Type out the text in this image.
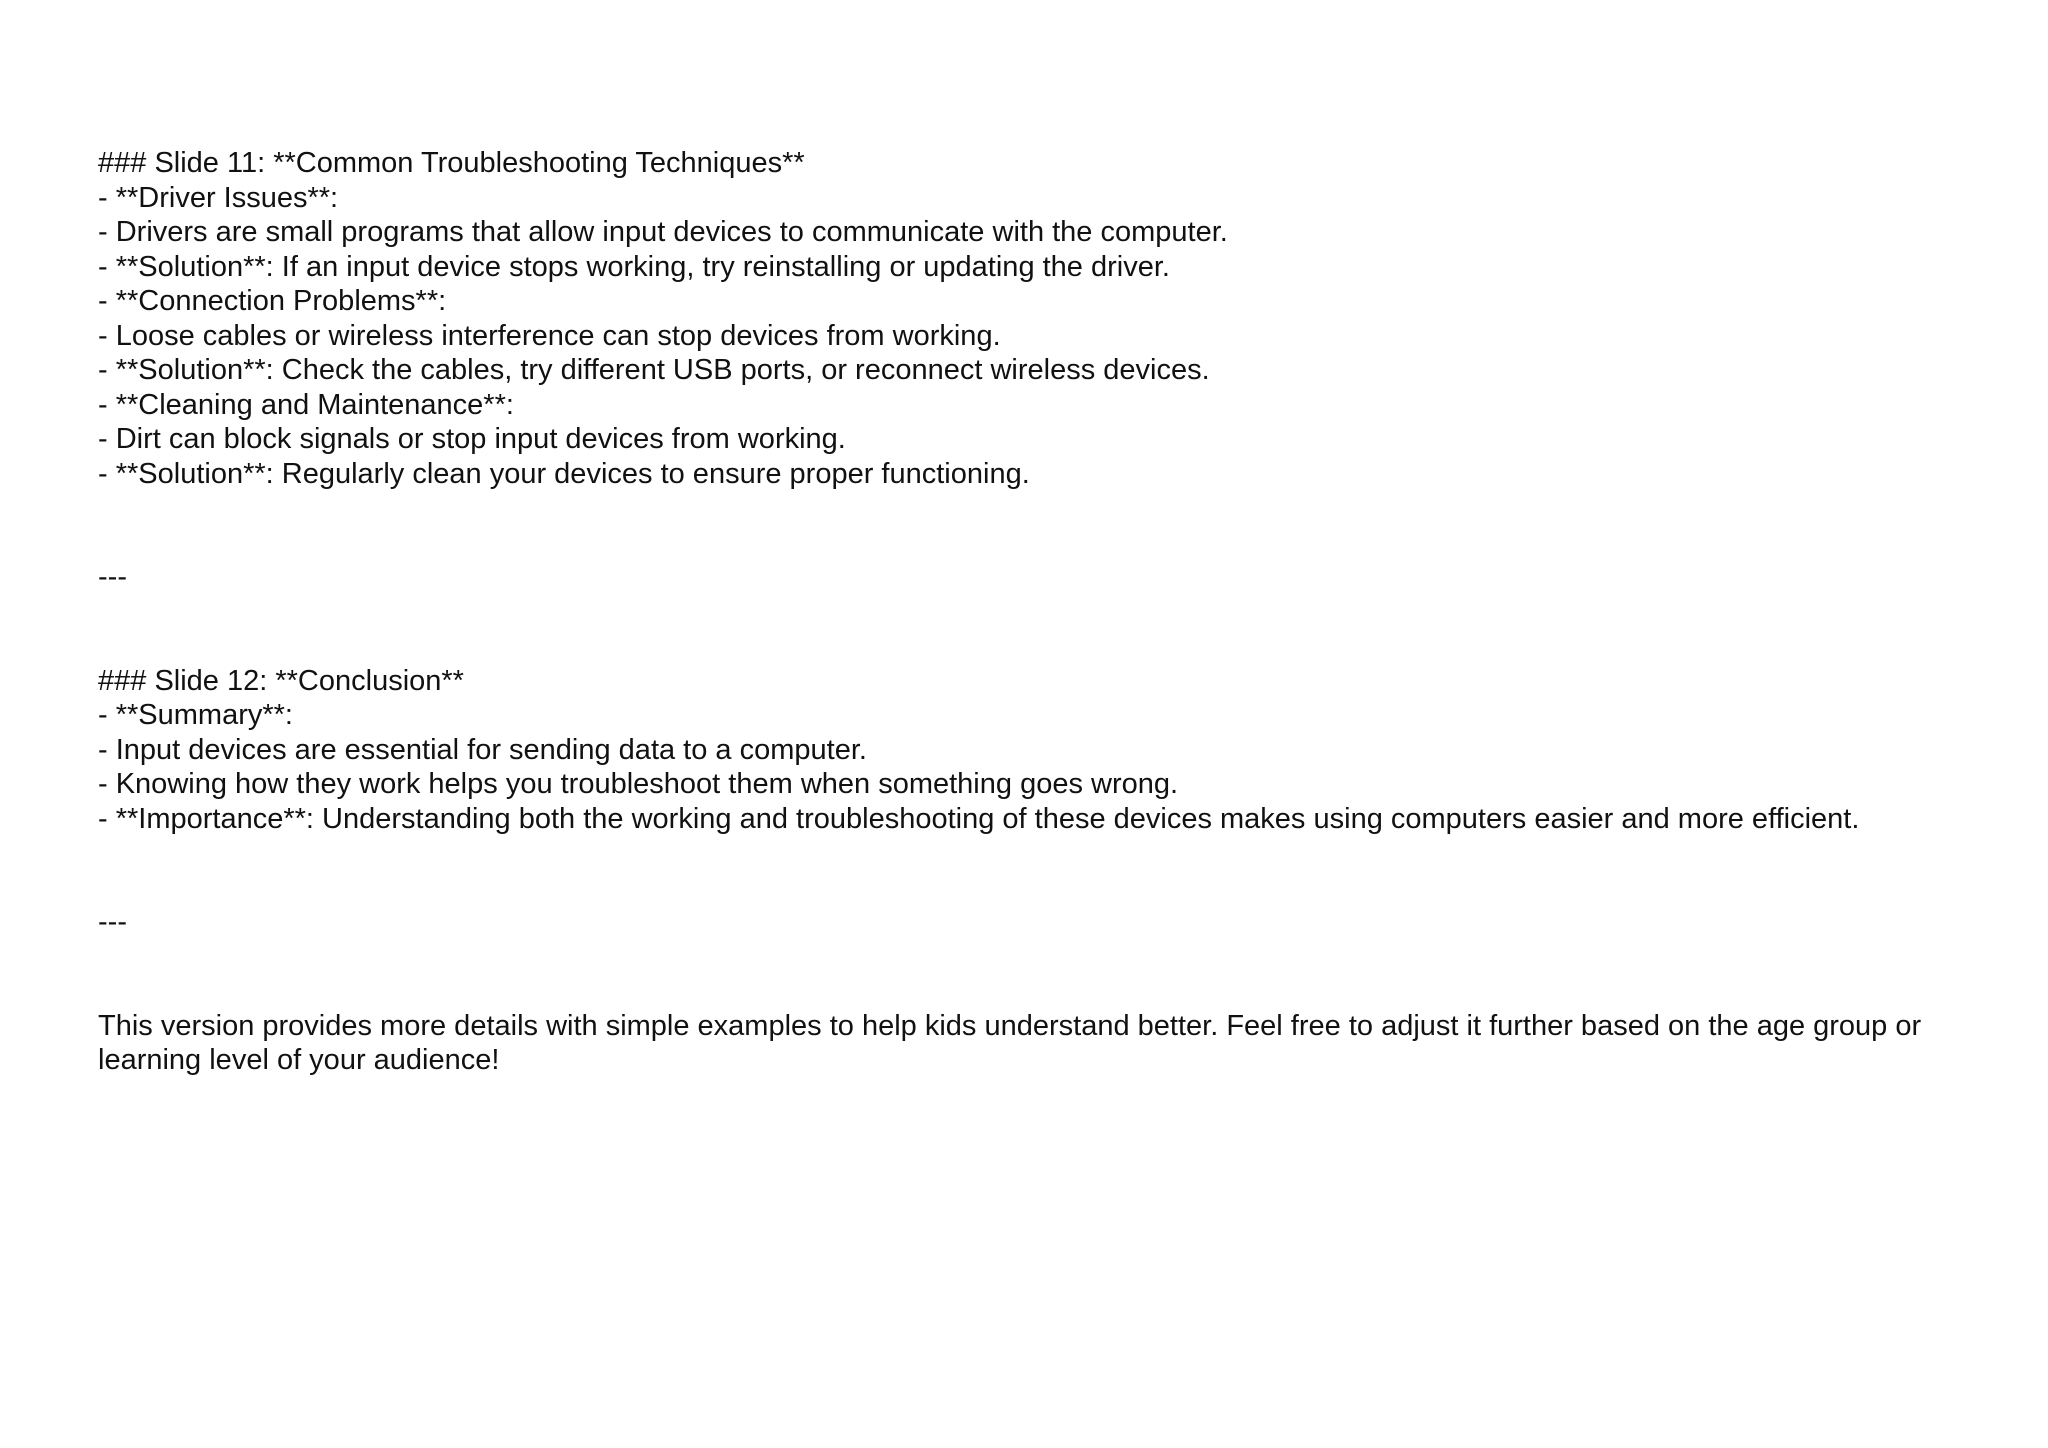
### Slide 11: **Common Troubleshooting Techniques**
- **Driver Issues**:
- Drivers are small programs that allow input devices to communicate with the computer.
- **Solution**: If an input device stops working, try reinstalling or updating the driver.
- **Connection Problems**:
- Loose cables or wireless interference can stop devices from working.
- **Solution**: Check the cables, try different USB ports, or reconnect wireless devices.
- **Cleaning and Maintenance**:
- Dirt can block signals or stop input devices from working.
- **Solution**: Regularly clean your devices to ensure proper functioning.
---
### Slide 12: **Conclusion**
- **Summary**:
- Input devices are essential for sending data to a computer.
- Knowing how they work helps you troubleshoot them when something goes wrong.
- **Importance**: Understanding both the working and troubleshooting of these devices makes using computers easier and more efficient.
---
This version provides more details with simple examples to help kids understand better. Feel free to adjust it further based on the age group or learning level of your audience!
